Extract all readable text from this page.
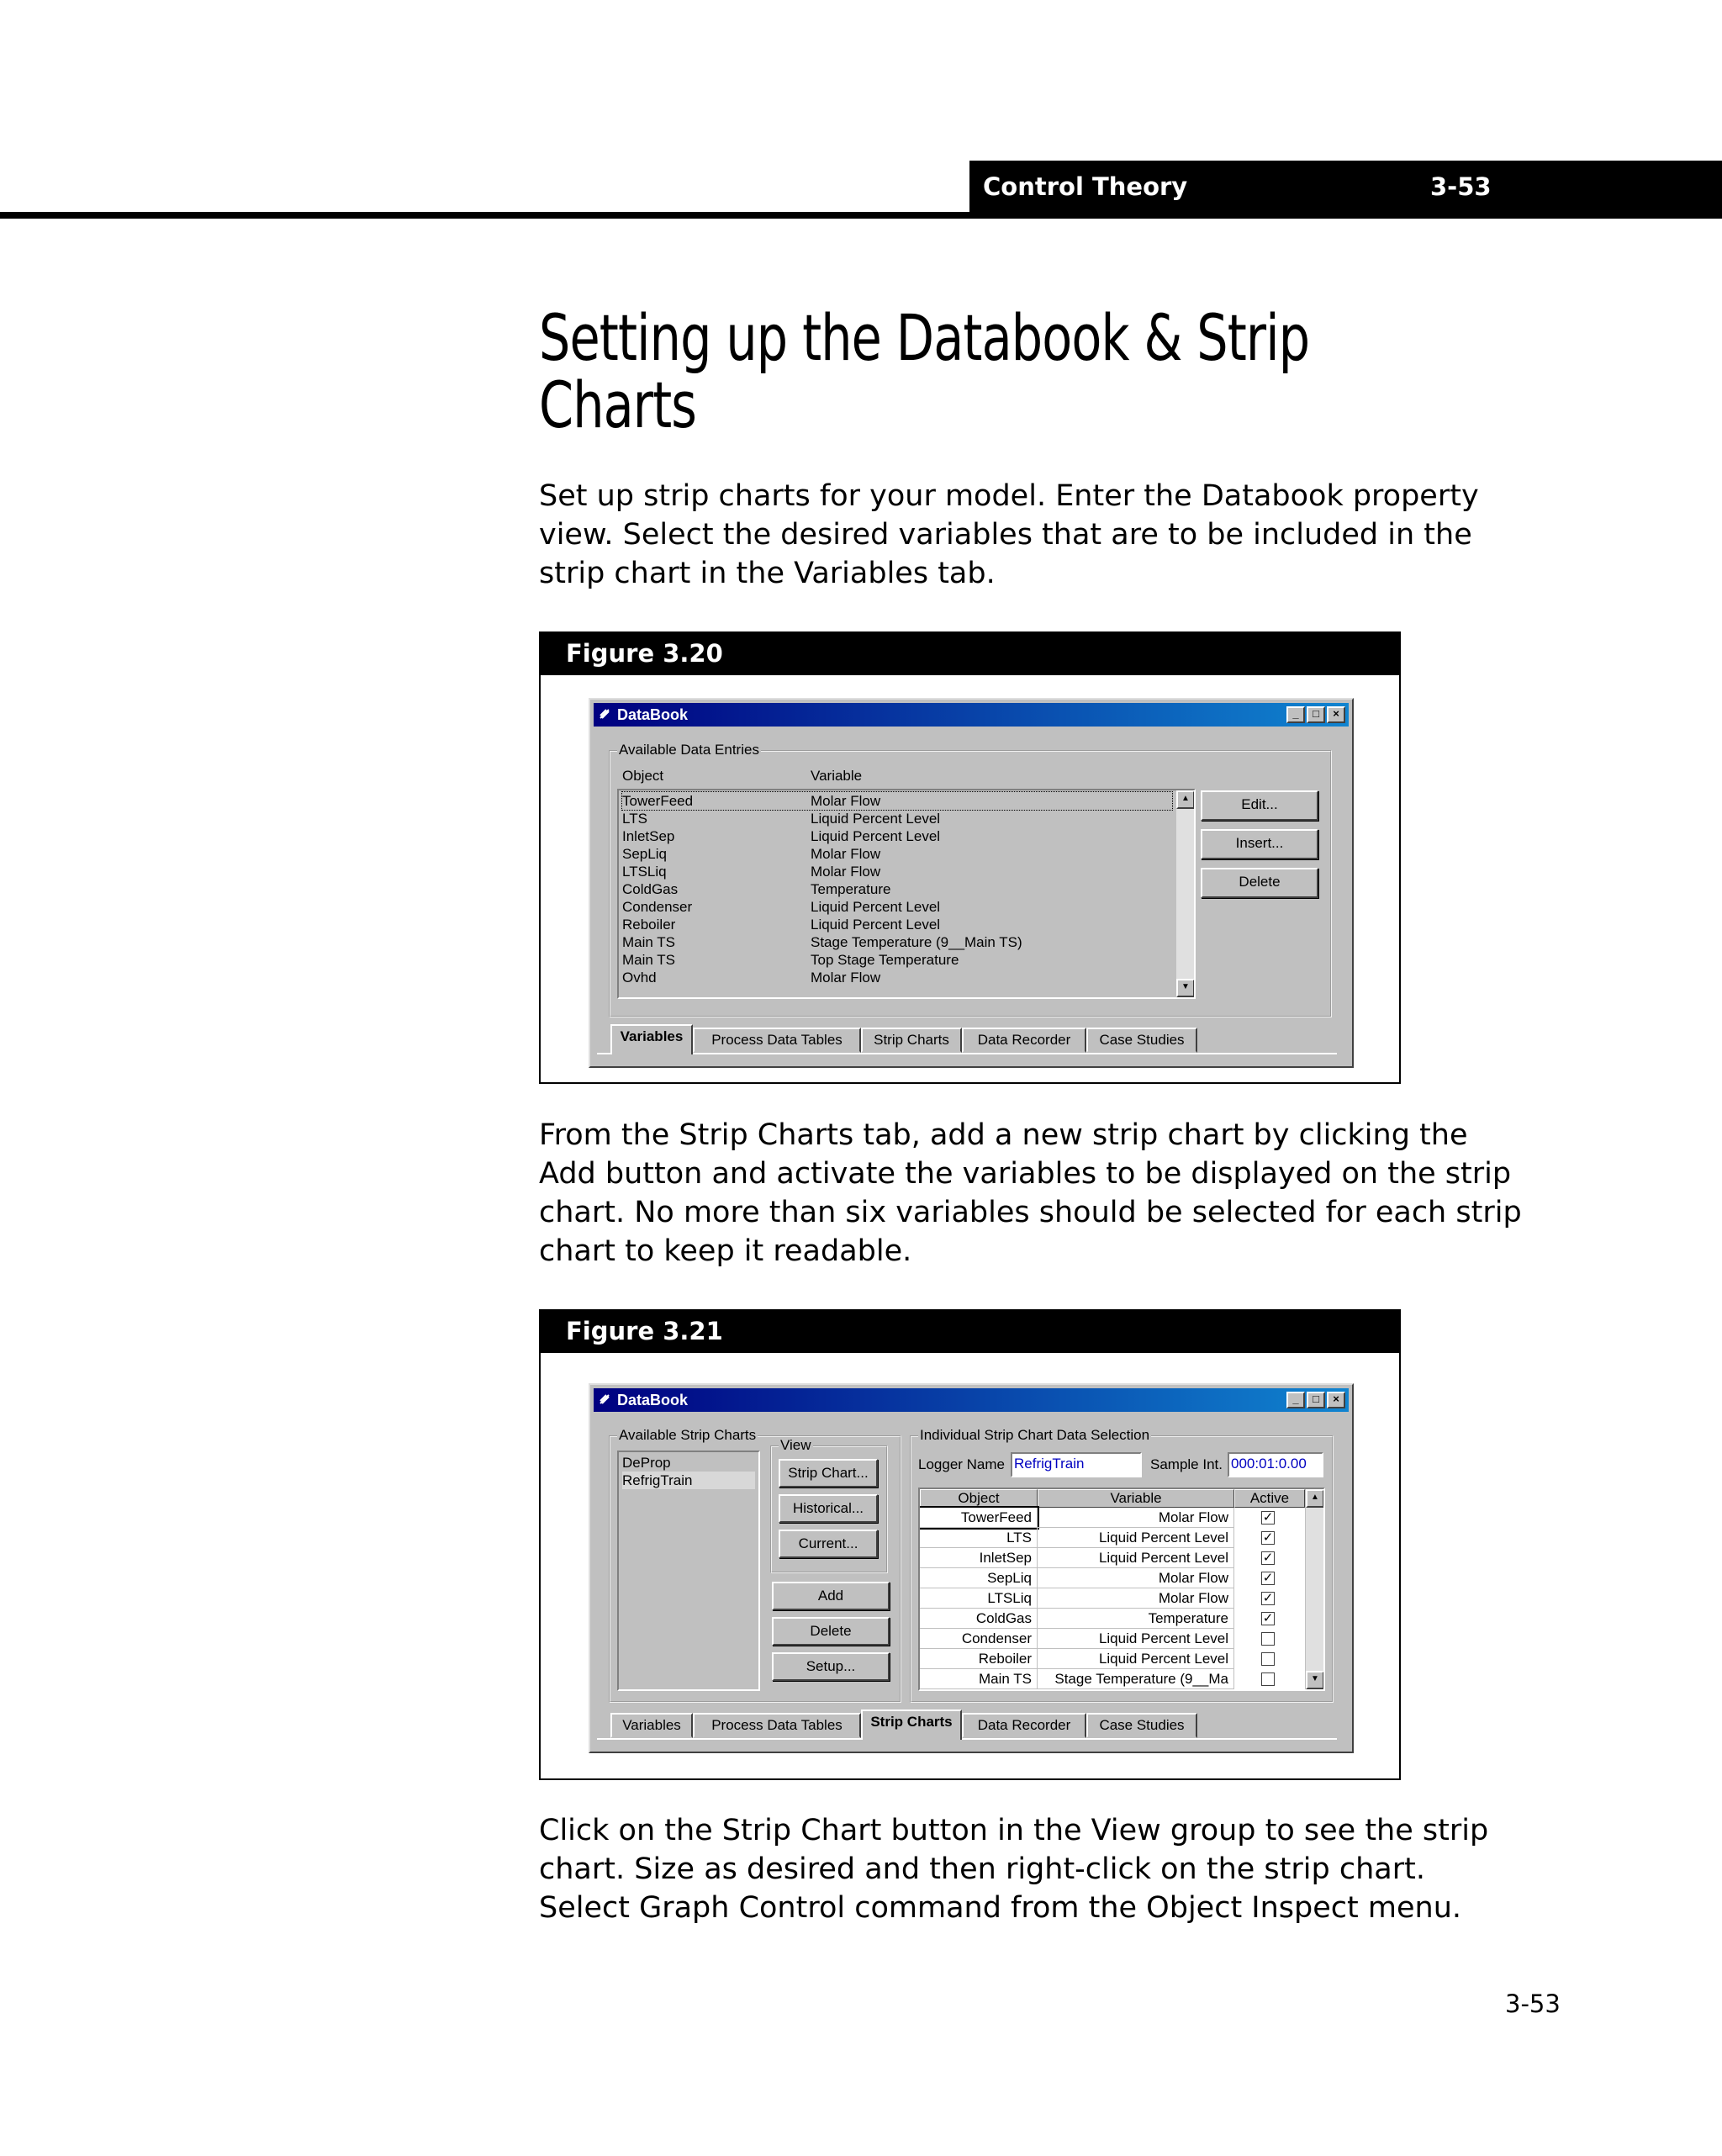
Control Theory	3-53
Setting up the Databook & Strip Charts

Set up strip charts for your model. Enter the Databook property view. Select the desired variables that are to be included in the strip chart in the Variables tab.

Figure 3.20
DataBook	_	□	×
Available Data Entries
Object	Variable
TowerFeed	Molar Flow
LTS	Liquid Percent Level
InletSep	Liquid Percent Level
SepLiq	Molar Flow
LTSLiq	Molar Flow
ColdGas	Temperature
Condenser	Liquid Percent Level
Reboiler	Liquid Percent Level
Main TS	Stage Temperature (9__Main TS)
Main TS	Top Stage Temperature
Ovhd	Molar Flow
▲
▼
Edit...
Insert...
Delete
Variables	Process Data Tables	Strip Charts	Data Recorder	Case Studies

From the Strip Charts tab, add a new strip chart by clicking the Add button and activate the variables to be displayed on the strip chart. No more than six variables should be selected for each strip chart to keep it readable.

Figure 3.21
DataBook	_	□	×
Available Strip Charts
DeProp
RefrigTrain
View
Strip Chart...
Historical...
Current...
Add
Delete
Setup...
Individual Strip Chart Data Selection
Logger Name RefrigTrain	Sample Int. 000:01:0.00
Object	Variable	Active
TowerFeed	Molar Flow	✓
LTS	Liquid Percent Level	✓
InletSep	Liquid Percent Level	✓
SepLiq	Molar Flow	✓
LTSLiq	Molar Flow	✓
ColdGas	Temperature	✓
Condenser	Liquid Percent Level
Reboiler	Liquid Percent Level
Main TS	Stage Temperature (9__Ma
▲
▼
Variables	Process Data Tables	Strip Charts	Data Recorder	Case Studies

Click on the Strip Chart button in the View group to see the strip chart. Size as desired and then right-click on the strip chart. Select Graph Control command from the Object Inspect menu.

3-53
